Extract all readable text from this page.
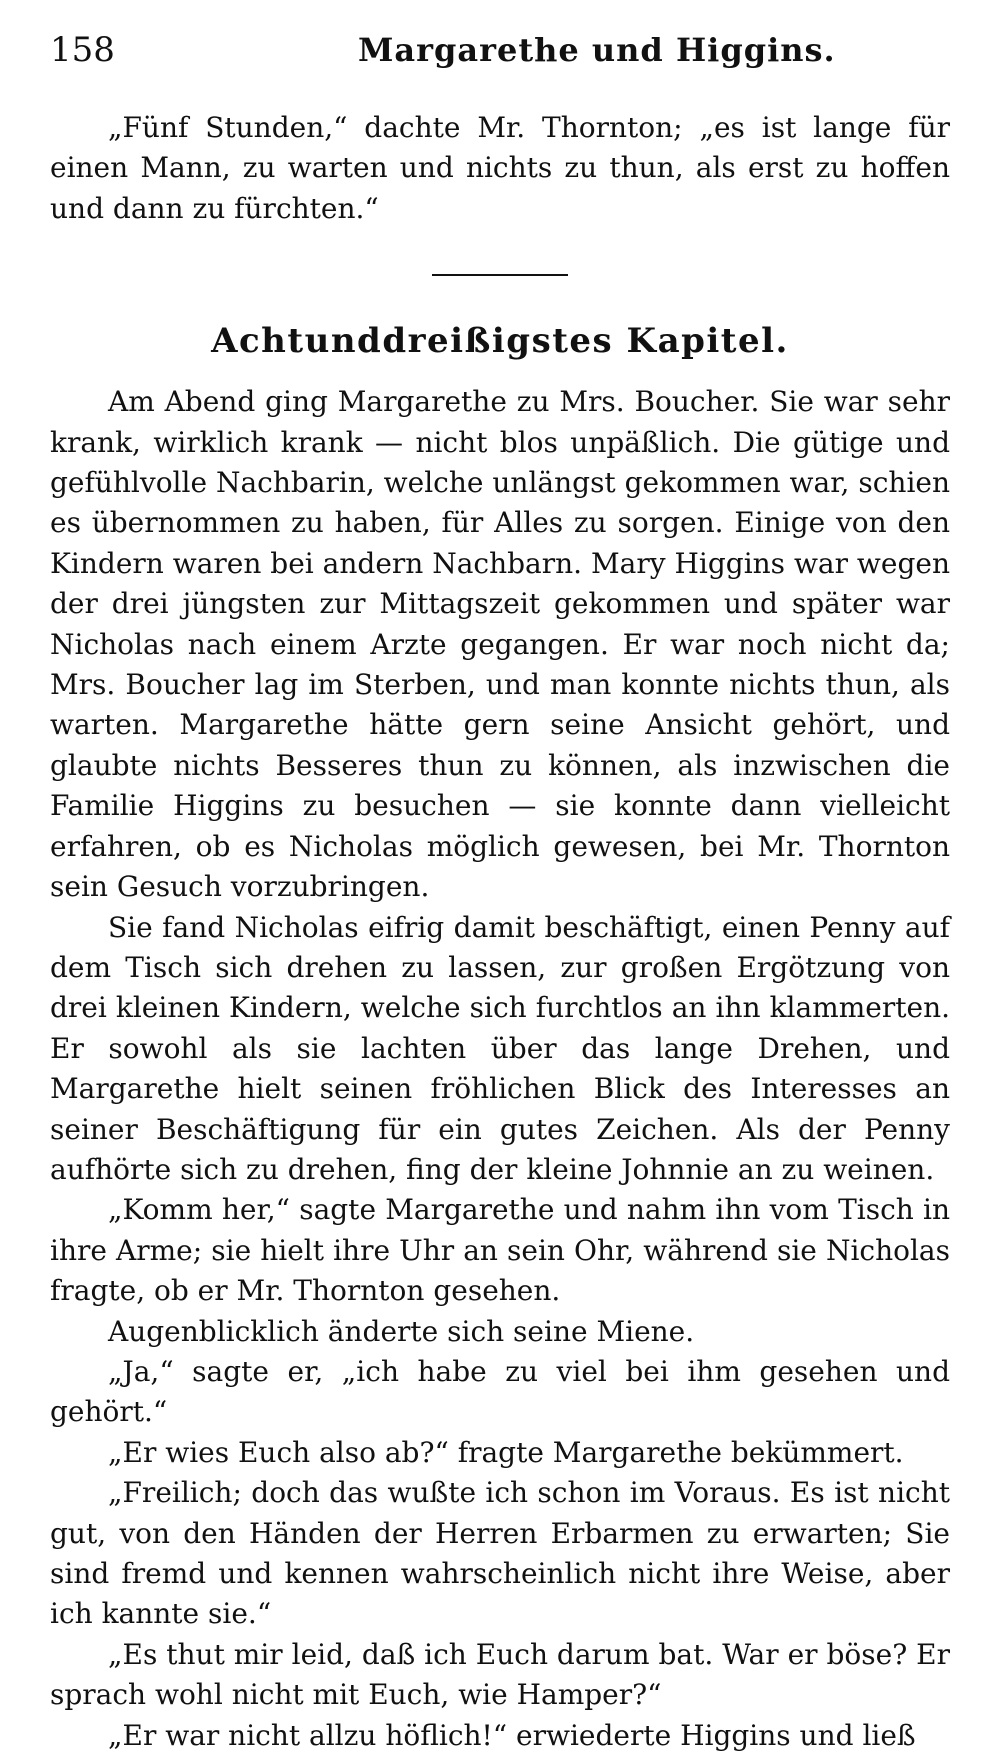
158	Margarethe und Higgins.

„Fünf Stunden,“ dachte Mr. Thornton; „es ist lange für einen Mann, zu warten und nichts zu thun, als erst zu hoffen und dann zu fürchten.“

Achtunddreißigstes Kapitel.

Am Abend ging Margarethe zu Mrs. Boucher. Sie war sehr krank, wirklich krank — nicht blos unpäßlich. Die gütige und gefühlvolle Nachbarin, welche unlängst gekommen war, schien es übernommen zu haben, für Alles zu sorgen. Einige von den Kindern waren bei andern Nachbarn. Mary Higgins war wegen der drei jüngsten zur Mittagszeit gekommen und später war Nicholas nach einem Arzte gegangen. Er war noch nicht da; Mrs. Boucher lag im Sterben, und man konnte nichts thun, als warten. Margarethe hätte gern seine Ansicht gehört, und glaubte nichts Besseres thun zu können, als inzwischen die Familie Higgins zu besuchen — sie konnte dann vielleicht erfahren, ob es Nicholas möglich gewesen, bei Mr. Thornton sein Gesuch vorzubringen.

Sie fand Nicholas eifrig damit beschäftigt, einen Penny auf dem Tisch sich drehen zu lassen, zur großen Ergötzung von drei kleinen Kindern, welche sich furchtlos an ihn klammerten. Er sowohl als sie lachten über das lange Drehen, und Margarethe hielt seinen fröhlichen Blick des Interesses an seiner Beschäftigung für ein gutes Zeichen. Als der Penny aufhörte sich zu drehen, fing der kleine Johnnie an zu weinen.

„Komm her,“ sagte Margarethe und nahm ihn vom Tisch in ihre Arme; sie hielt ihre Uhr an sein Ohr, während sie Nicholas fragte, ob er Mr. Thornton gesehen.

Augenblicklich änderte sich seine Miene.

„Ja,“ sagte er, „ich habe zu viel bei ihm gesehen und gehört.“

„Er wies Euch also ab?“ fragte Margarethe bekümmert.

„Freilich; doch das wußte ich schon im Voraus. Es ist nicht gut, von den Händen der Herren Erbarmen zu erwarten; Sie sind fremd und kennen wahrscheinlich nicht ihre Weise, aber ich kannte sie.“

„Es thut mir leid, daß ich Euch darum bat. War er böse? Er sprach wohl nicht mit Euch, wie Hamper?“

„Er war nicht allzu höflich!“ erwiederte Higgins und ließ
